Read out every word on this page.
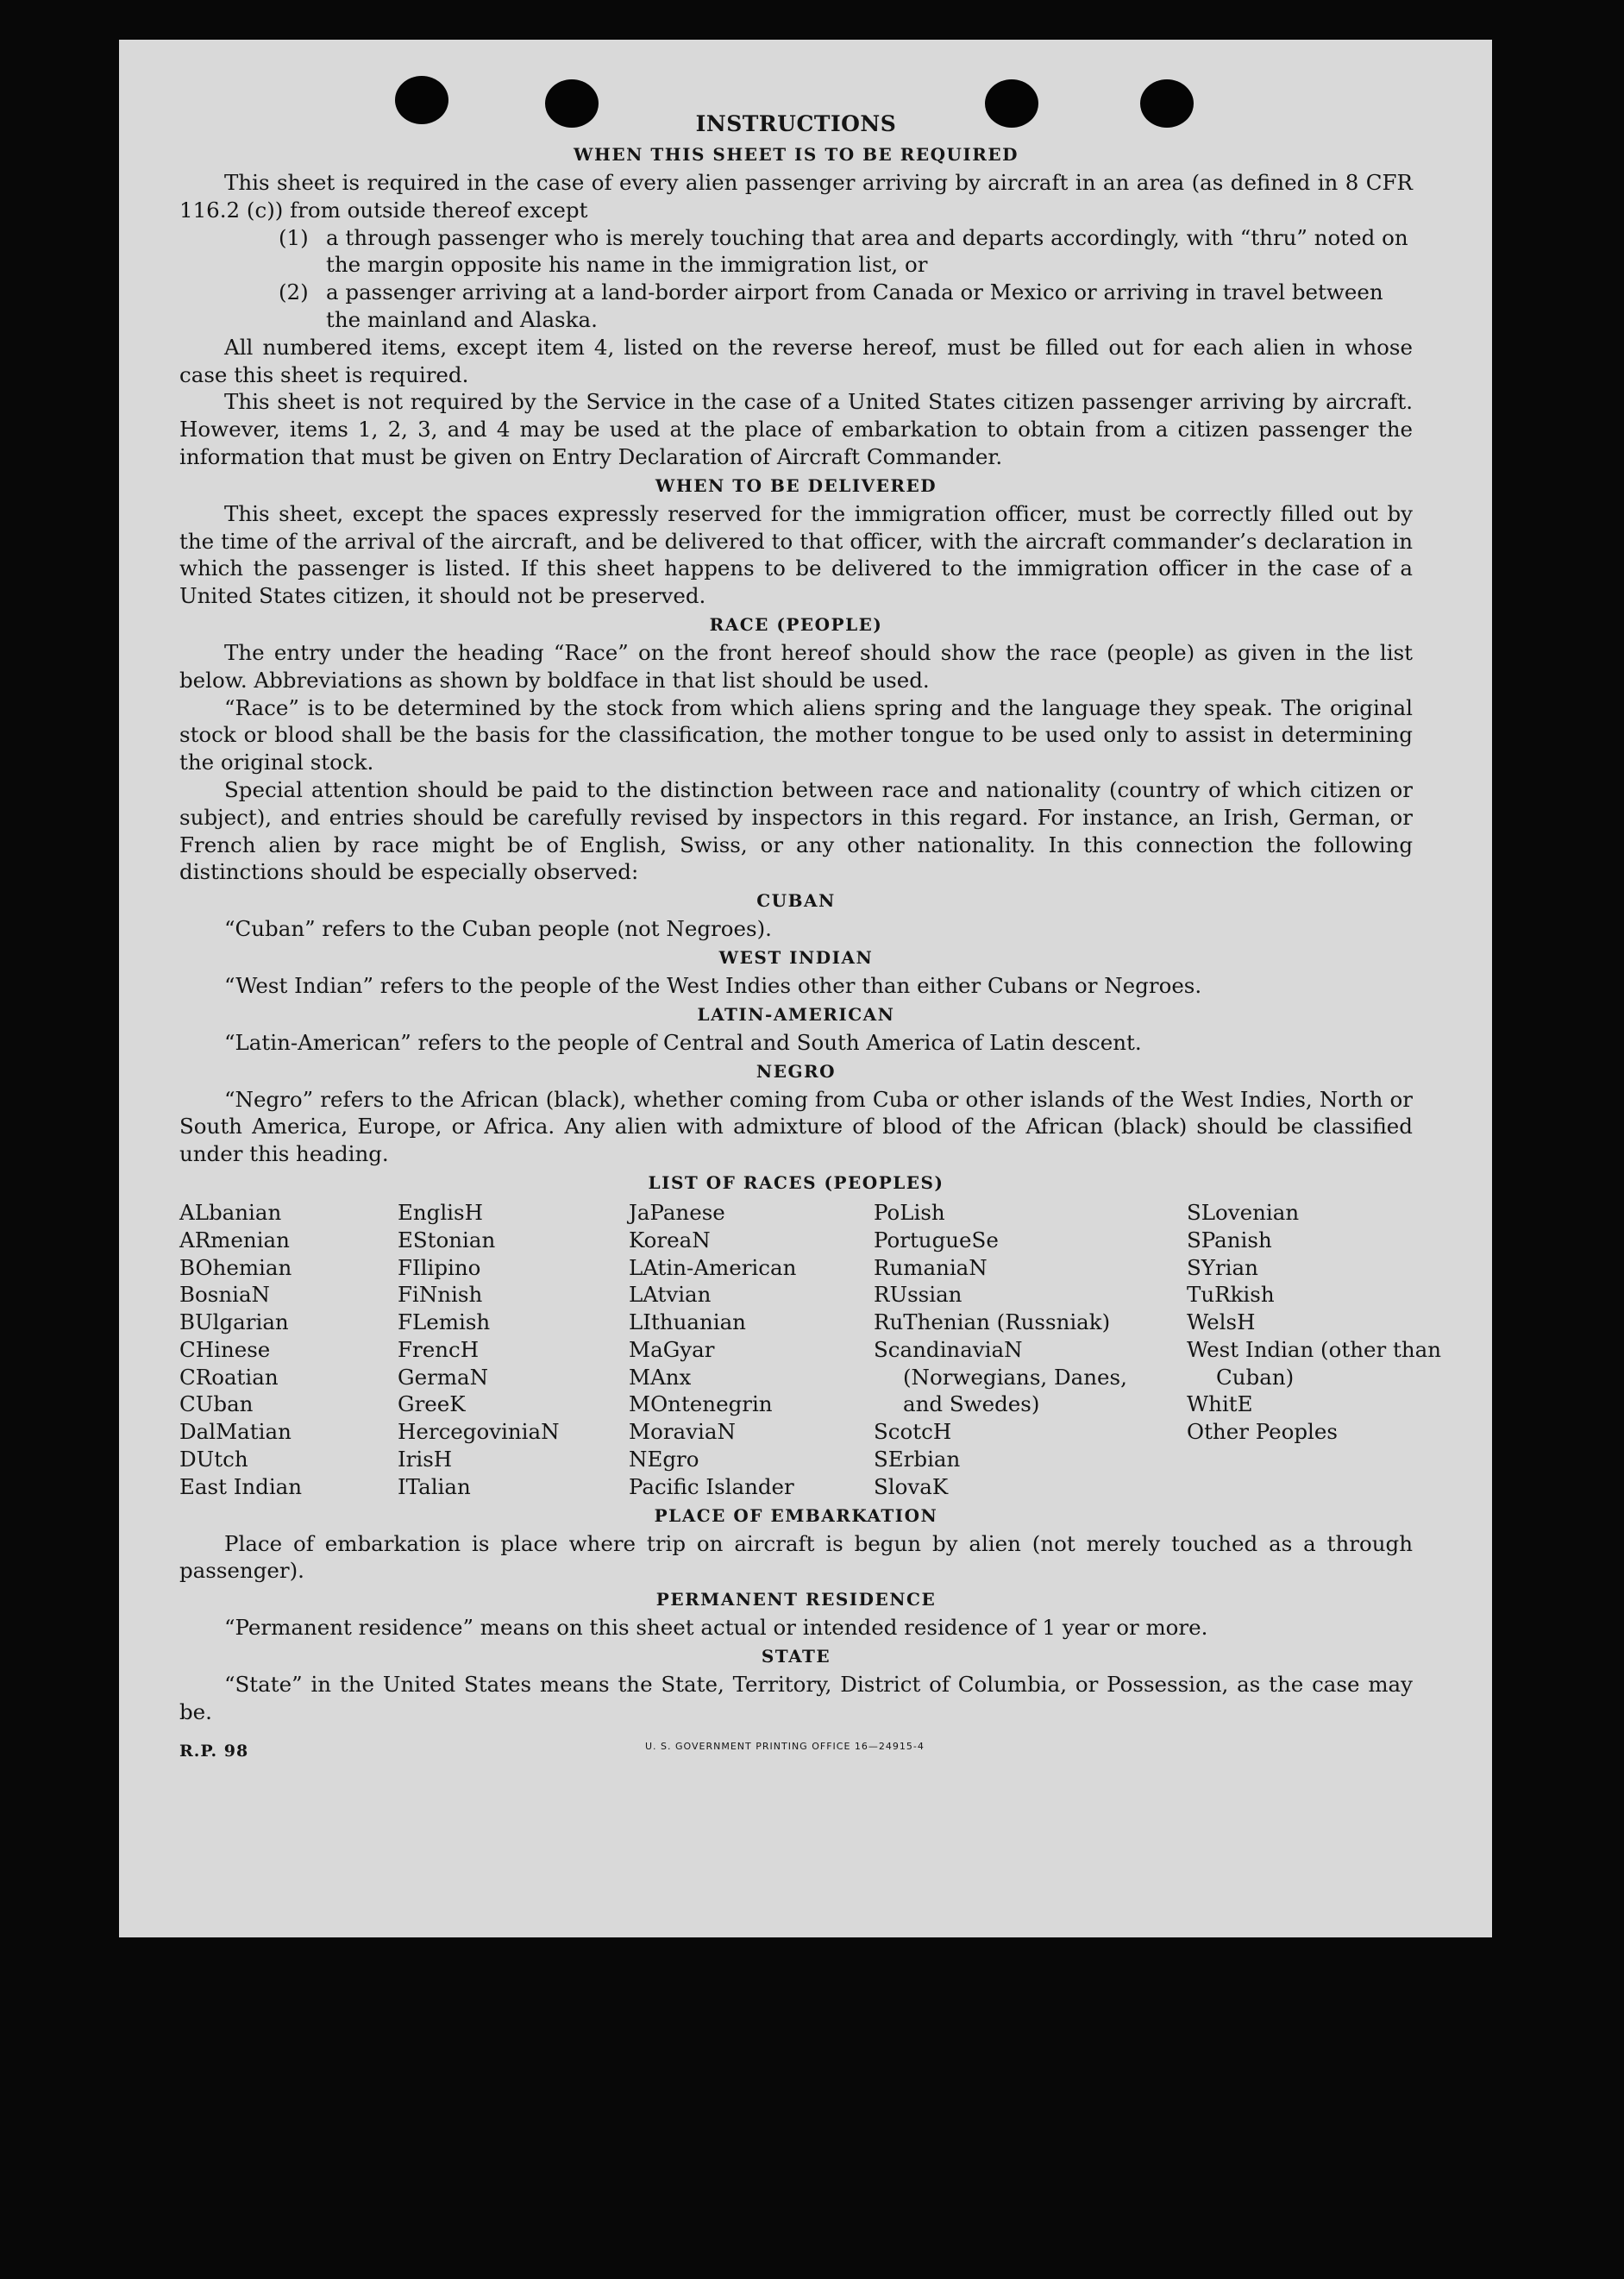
INSTRUCTIONS
WHEN THIS SHEET IS TO BE REQUIRED

This sheet is required in the case of every alien passenger arriving by aircraft in an area (as defined in 8 CFR 116.2 (c)) from outside thereof except

(1) a through passenger who is merely touching that area and departs accordingly, with “thru” noted on the margin opposite his name in the immigration list, or
(2) a passenger arriving at a land-border airport from Canada or Mexico or arriving in travel between the mainland and Alaska.

All numbered items, except item 4, listed on the reverse hereof, must be filled out for each alien in whose case this sheet is required.

This sheet is not required by the Service in the case of a United States citizen passenger arriving by aircraft. However, items 1, 2, 3, and 4 may be used at the place of embarkation to obtain from a citizen passenger the information that must be given on Entry Declaration of Aircraft Commander.

WHEN TO BE DELIVERED

This sheet, except the spaces expressly reserved for the immigration officer, must be correctly filled out by the time of the arrival of the aircraft, and be delivered to that officer, with the aircraft commander’s declaration in which the passenger is listed. If this sheet happens to be delivered to the immigration officer in the case of a United States citizen, it should not be preserved.

RACE (PEOPLE)

The entry under the heading “Race” on the front hereof should show the race (people) as given in the list below. Abbreviations as shown by boldface in that list should be used.

“Race” is to be determined by the stock from which aliens spring and the language they speak. The original stock or blood shall be the basis for the classification, the mother tongue to be used only to assist in determining the original stock.

Special attention should be paid to the distinction between race and nationality (country of which citizen or subject), and entries should be carefully revised by inspectors in this regard. For instance, an Irish, German, or French alien by race might be of English, Swiss, or any other nationality. In this connection the following distinctions should be especially observed:

CUBAN

“Cuban” refers to the Cuban people (not Negroes).

WEST INDIAN

“West Indian” refers to the people of the West Indies other than either Cubans or Negroes.

LATIN-AMERICAN

“Latin-American” refers to the people of Central and South America of Latin descent.

NEGRO

“Negro” refers to the African (black), whether coming from Cuba or other islands of the West Indies, North or South America, Europe, or Africa. Any alien with admixture of blood of the African (black) should be classified under this heading.

LIST OF RACES (PEOPLES)
ALbanian
ARmenian
BOhemian
BosniaN
BUlgarian
CHinese
CRoatian
CUban
DalMatian
DUtch
East Indian
EnglisH
EStonian
FIlipino
FiNnish
FLemish
FrencH
GermaN
GreeK
HercegoviniaN
IrisH
ITalian
JaPanese
KoreaN
LAtin-American
LAtvian
LIthuanian
MaGyar
MAnx
MOntenegrin
MoraviaN
NEgro
Pacific Islander
PoLish
PortugueSe
RumaniaN
RUssian
RuThenian (Russniak)
ScandinaviaN (Norwegians, Danes, and Swedes)
ScotcH
SErbian
SlovaK
SLovenian
SPanish
SYrian
TuRkish
WelsH
West Indian (other than Cuban)
WhitE
Other Peoples
PLACE OF EMBARKATION

Place of embarkation is place where trip on aircraft is begun by alien (not merely touched as a through passenger).

PERMANENT RESIDENCE

“Permanent residence” means on this sheet actual or intended residence of 1 year or more.

STATE

“State” in the United States means the State, Territory, District of Columbia, or Possession, as the case may be.

R.P. 98	U. S. GOVERNMENT PRINTING OFFICE 16—24915-4
